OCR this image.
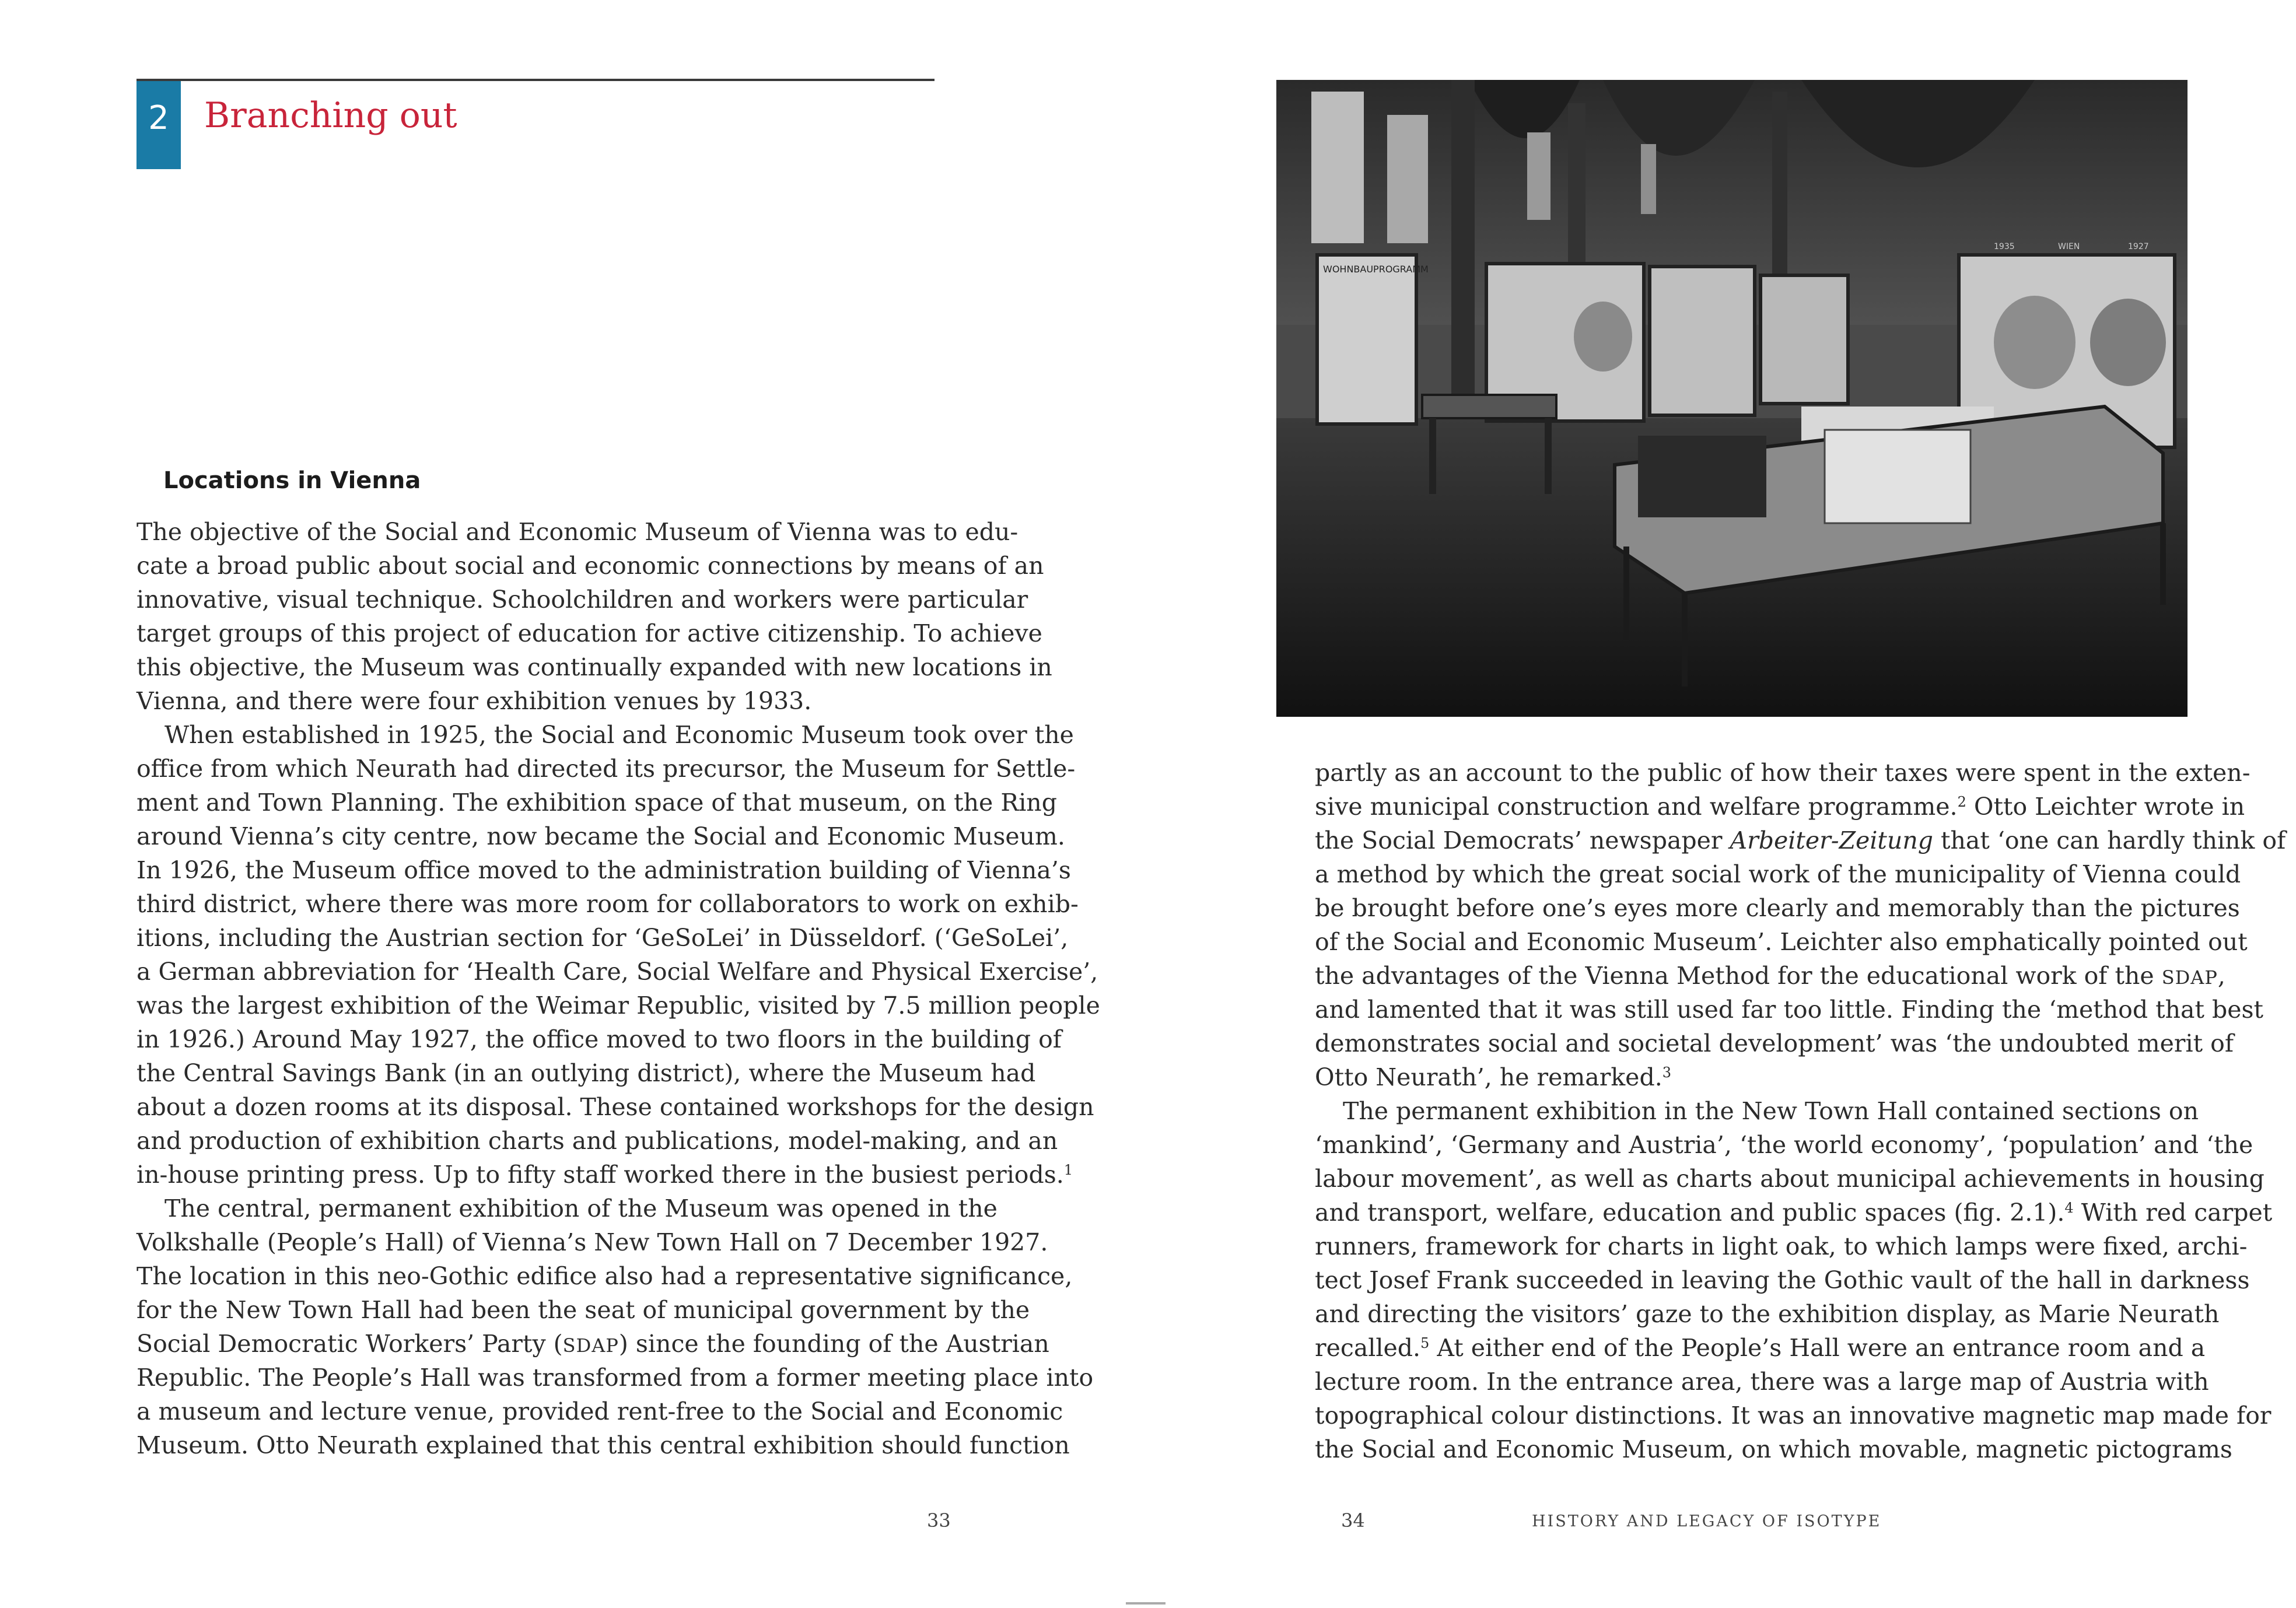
2	Branching out
Locations in Vienna
The objective of the Social and Economic Museum of Vienna was to edu-
cate a broad public about social and economic connections by means of an
innovative, visual technique. Schoolchildren and workers were particular
target groups of this project of education for active citizenship. To achieve
this objective, the Museum was continually expanded with new locations in
Vienna, and there were four exhibition venues by 1933.
When established in 1925, the Social and Economic Museum took over the
office from which Neurath had directed its precursor, the Museum for Settle-
ment and Town Planning. The exhibition space of that museum, on the Ring
around Vienna’s city centre, now became the Social and Economic Museum.
In 1926, the Museum office moved to the administration building of Vienna’s
third district, where there was more room for collaborators to work on exhib-
itions, including the Austrian section for ‘GeSoLei’ in Düsseldorf. (‘GeSoLei’,
a German abbreviation for ‘Health Care, Social Welfare and Physical Exercise’,
was the largest exhibition of the Weimar Republic, visited by 7.5 million people
in 1926.) Around May 1927, the office moved to two floors in the building of
the Central Savings Bank (in an outlying district), where the Museum had
about a dozen rooms at its disposal. These contained workshops for the design
and production of exhibition charts and publications, model-making, and an
in-house printing press. Up to fifty staff worked there in the busiest periods.$^1$
The central, permanent exhibition of the Museum was opened in the
Volkshalle (People’s Hall) of Vienna’s New Town Hall on 7 December 1927.
The location in this neo-Gothic edifice also had a representative significance,
for the New Town Hall had been the seat of municipal government by the
Social Democratic Workers’ Party (SDAP) since the founding of the Austrian
Republic. The People’s Hall was transformed from a former meeting place into
a museum and lecture venue, provided rent-free to the Social and Economic
Museum. Otto Neurath explained that this central exhibition should function
WOHNBAUPROGRAMM
1935	WIEN	1927
partly as an account to the public of how their taxes were spent in the exten-
sive municipal construction and welfare programme.$^2$ Otto Leichter wrote in
the Social Democrats’ newspaper Arbeiter-Zeitung that ‘one can hardly think of
a method by which the great social work of the municipality of Vienna could
be brought before one’s eyes more clearly and memorably than the pictures
of the Social and Economic Museum’. Leichter also emphatically pointed out
the advantages of the Vienna Method for the educational work of the SDAP,
and lamented that it was still used far too little. Finding the ‘method that best
demonstrates social and societal development’ was ‘the undoubted merit of
Otto Neurath’, he remarked.$^3$
The permanent exhibition in the New Town Hall contained sections on
‘mankind’, ‘Germany and Austria’, ‘the world economy’, ‘population’ and ‘the
labour movement’, as well as charts about municipal achievements in housing
and transport, welfare, education and public spaces (fig. 2.1).$^4$ With red carpet
runners, framework for charts in light oak, to which lamps were fixed, archi-
tect Josef Frank succeeded in leaving the Gothic vault of the hall in darkness
and directing the visitors’ gaze to the exhibition display, as Marie Neurath
recalled.$^5$ At either end of the People’s Hall were an entrance room and a
lecture room. In the entrance area, there was a large map of Austria with
topographical colour distinctions. It was an innovative magnetic map made for
the Social and Economic Museum, on which movable, magnetic pictograms
33	34	HISTORY AND LEGACY OF ISOTYPE
